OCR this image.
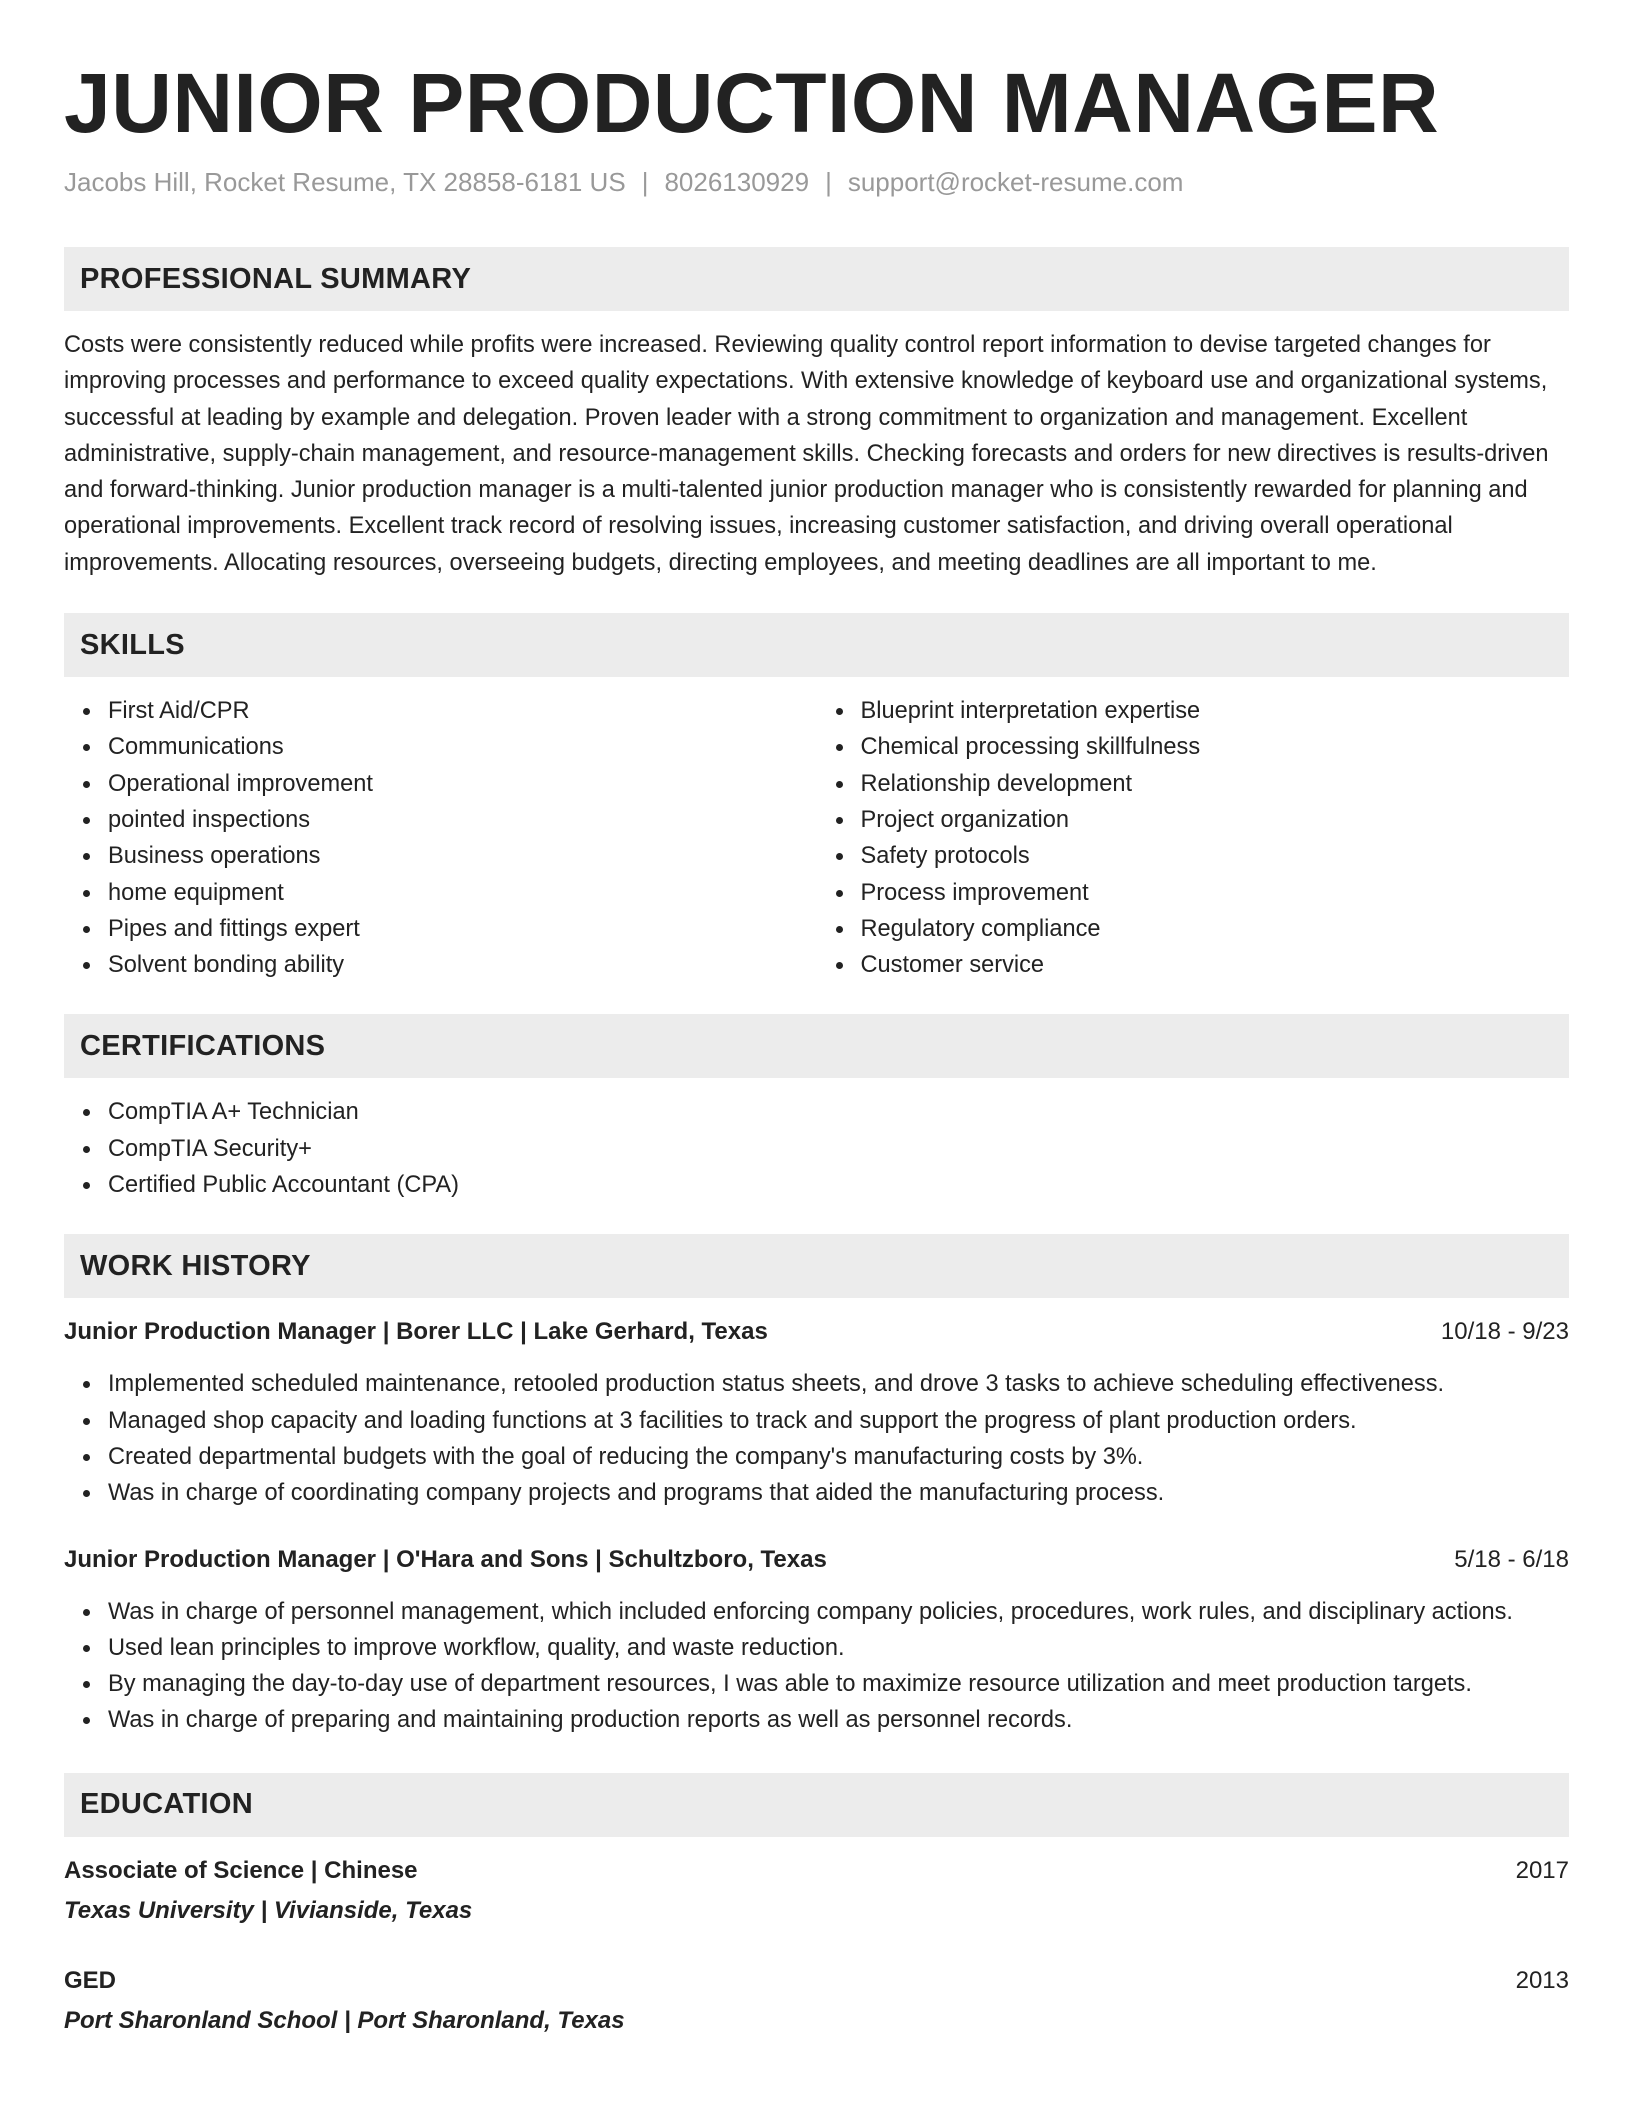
JUNIOR PRODUCTION MANAGER
Jacobs Hill, Rocket Resume, TX 28858-6181 US | 8026130929 | support@rocket-resume.com
PROFESSIONAL SUMMARY
Costs were consistently reduced while profits were increased. Reviewing quality control report information to devise targeted changes for improving processes and performance to exceed quality expectations. With extensive knowledge of keyboard use and organizational systems, successful at leading by example and delegation. Proven leader with a strong commitment to organization and management. Excellent administrative, supply-chain management, and resource-management skills. Checking forecasts and orders for new directives is results-driven and forward-thinking. Junior production manager is a multi-talented junior production manager who is consistently rewarded for planning and operational improvements. Excellent track record of resolving issues, increasing customer satisfaction, and driving overall operational improvements. Allocating resources, overseeing budgets, directing employees, and meeting deadlines are all important to me.
SKILLS
First Aid/CPR
Communications
Operational improvement
pointed inspections
Business operations
home equipment
Pipes and fittings expert
Solvent bonding ability
Blueprint interpretation expertise
Chemical processing skillfulness
Relationship development
Project organization
Safety protocols
Process improvement
Regulatory compliance
Customer service
CERTIFICATIONS
CompTIA A+ Technician
CompTIA Security+
Certified Public Accountant (CPA)
WORK HISTORY
Junior Production Manager | Borer LLC | Lake Gerhard, Texas	10/18 - 9/23
Implemented scheduled maintenance, retooled production status sheets, and drove 3 tasks to achieve scheduling effectiveness.
Managed shop capacity and loading functions at 3 facilities to track and support the progress of plant production orders.
Created departmental budgets with the goal of reducing the company's manufacturing costs by 3%.
Was in charge of coordinating company projects and programs that aided the manufacturing process.
Junior Production Manager | O'Hara and Sons | Schultzboro, Texas	5/18 - 6/18
Was in charge of personnel management, which included enforcing company policies, procedures, work rules, and disciplinary actions.
Used lean principles to improve workflow, quality, and waste reduction.
By managing the day-to-day use of department resources, I was able to maximize resource utilization and meet production targets.
Was in charge of preparing and maintaining production reports as well as personnel records.
EDUCATION
Associate of Science | Chinese	2017
Texas University | Vivianside, Texas
GED	2013
Port Sharonland School | Port Sharonland, Texas
